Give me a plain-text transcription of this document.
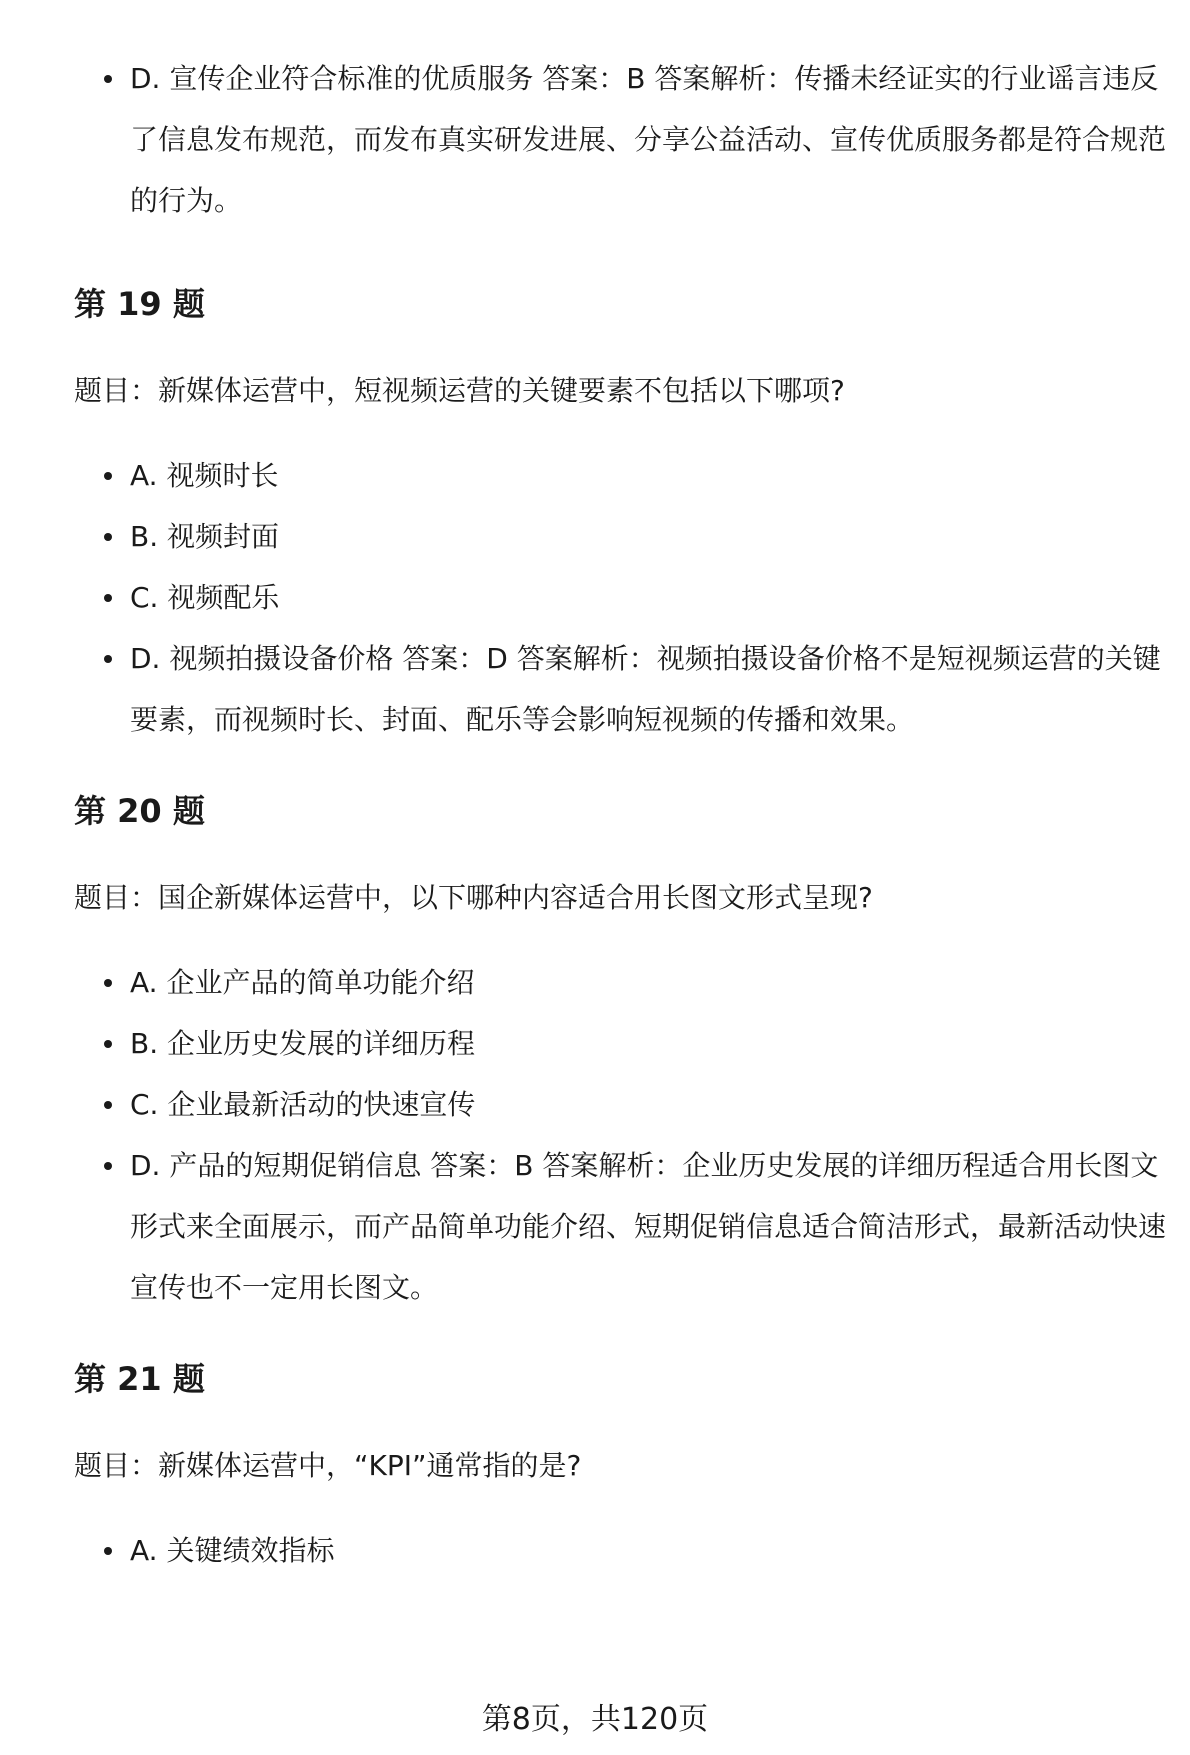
D. 宣传企业符合标准的优质服务 答案：B 答案解析：传播未经证实的行业谣言违反了信息发布规范，而发布真实研发进展、分享公益活动、宣传优质服务都是符合规范的行为。
第 19 题

题目：新媒体运营中，短视频运营的关键要素不包括以下哪项?

A. 视频时长
B. 视频封面
C. 视频配乐
D. 视频拍摄设备价格 答案：D 答案解析：视频拍摄设备价格不是短视频运营的关键要素，而视频时长、封面、配乐等会影响短视频的传播和效果。
第 20 题

题目：国企新媒体运营中，以下哪种内容适合用长图文形式呈现?

A. 企业产品的简单功能介绍
B. 企业历史发展的详细历程
C. 企业最新活动的快速宣传
D. 产品的短期促销信息 答案：B 答案解析：企业历史发展的详细历程适合用长图文形式来全面展示，而产品简单功能介绍、短期促销信息适合简洁形式，最新活动快速宣传也不一定用长图文。
第 21 题

题目：新媒体运营中，“KPI”通常指的是?

A. 关键绩效指标
第8页，共120页
